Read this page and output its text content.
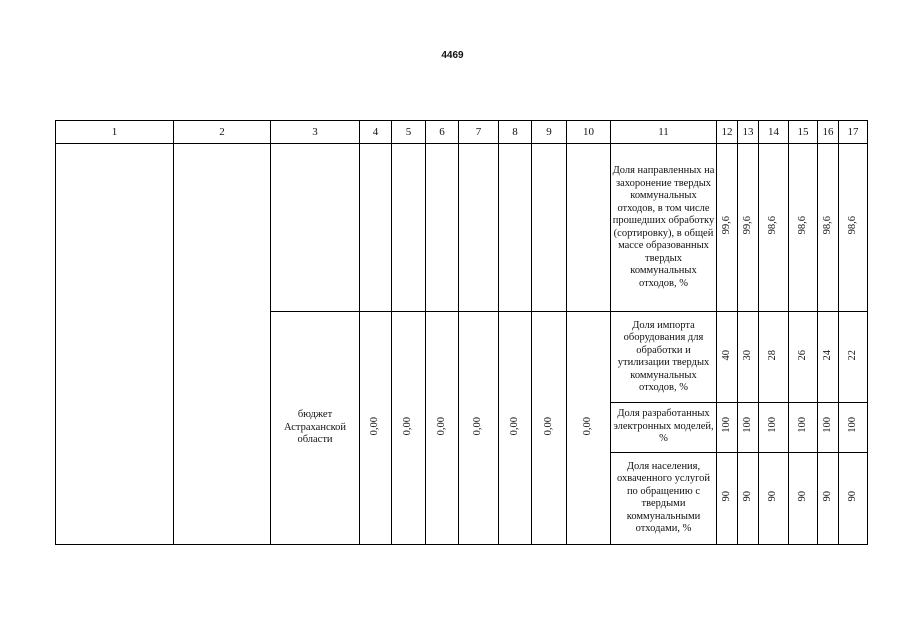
4469
1	2	3	4	5	6	7	8	9	10	11	12	13	14	15	16	17
										Доля направленных на захоронение твердых коммунальных отходов, в том числе прошедших обработку (сортировку), в общей массе образованных твердых коммунальных отходов, %	99,6	99,6	98,6	98,6	98,6	98,6
		бюджет Астраханской области	0,00	0,00	0,00	0,00	0,00	0,00	0,00	Доля импорта оборудования для обработки и утилизации твердых коммунальных отходов, %	40	30	28	26	24	22
										Доля разработанных электронных моделей, %	100	100	100	100	100	100
										Доля населения, охваченного услугой по обращению с твердыми коммунальными отходами, %	90	90	90	90	90	90
